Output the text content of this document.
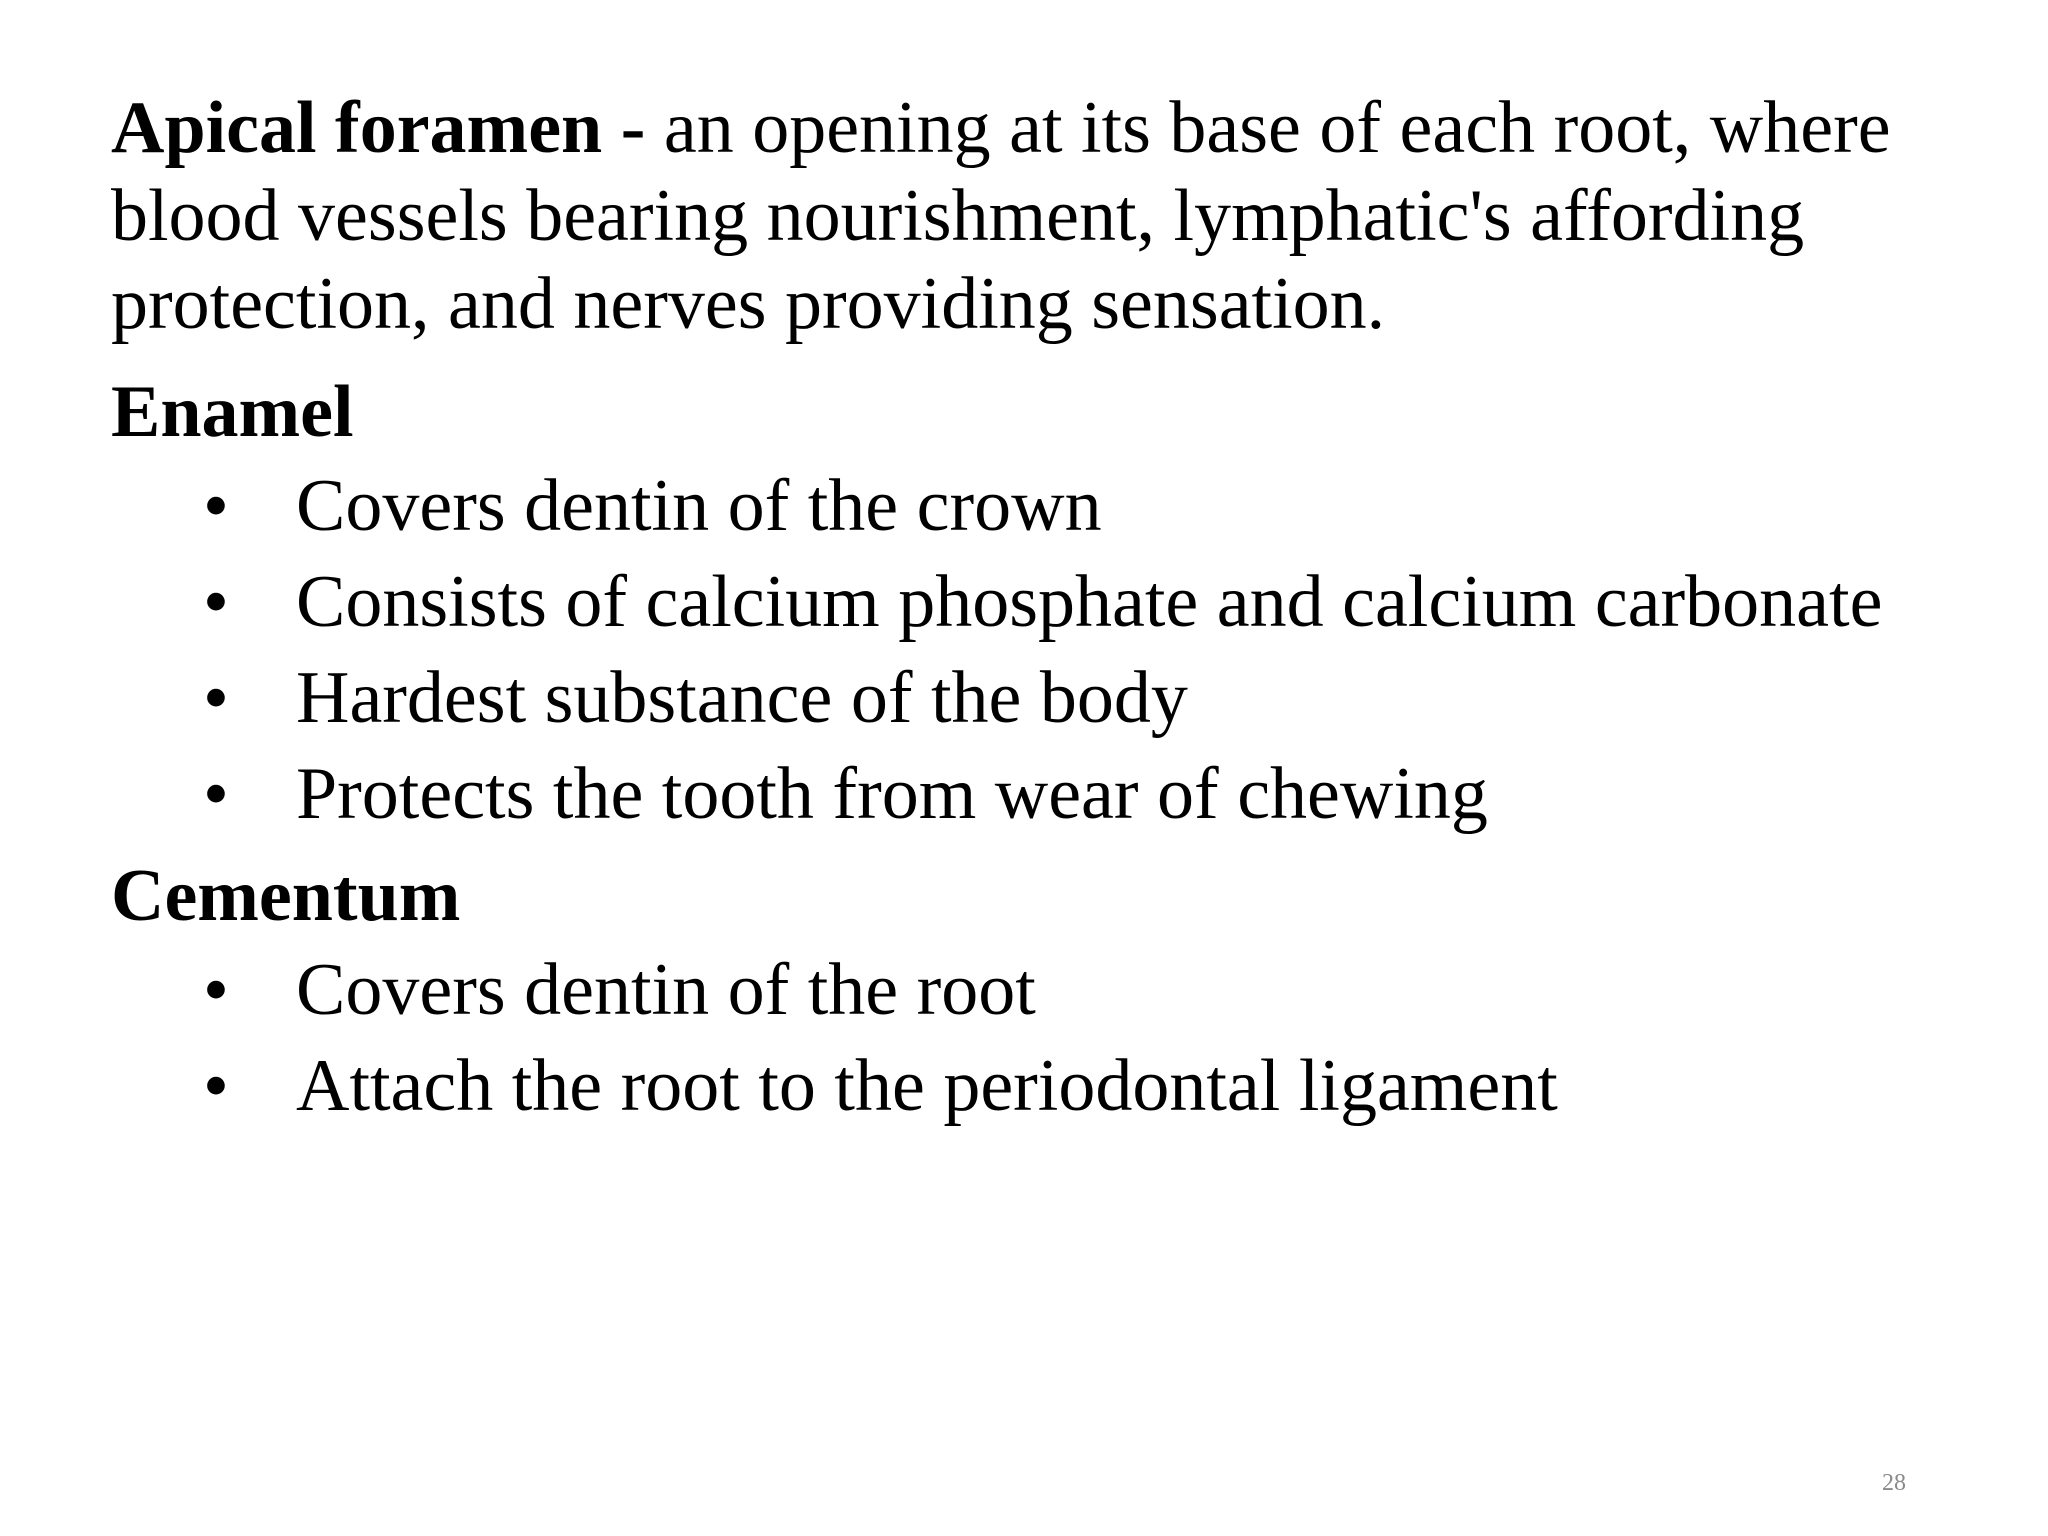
Apical foramen - an opening at its base of each root, where blood vessels bearing nourishment, lymphatic's affording protection, and nerves providing sensation.

Enamel
• Covers dentin of the crown
• Consists of calcium phosphate and calcium carbonate
• Hardest substance of the body
• Protects the tooth from wear of chewing
Cementum
• Covers dentin of the root
• Attach the root to the periodontal ligament
28
